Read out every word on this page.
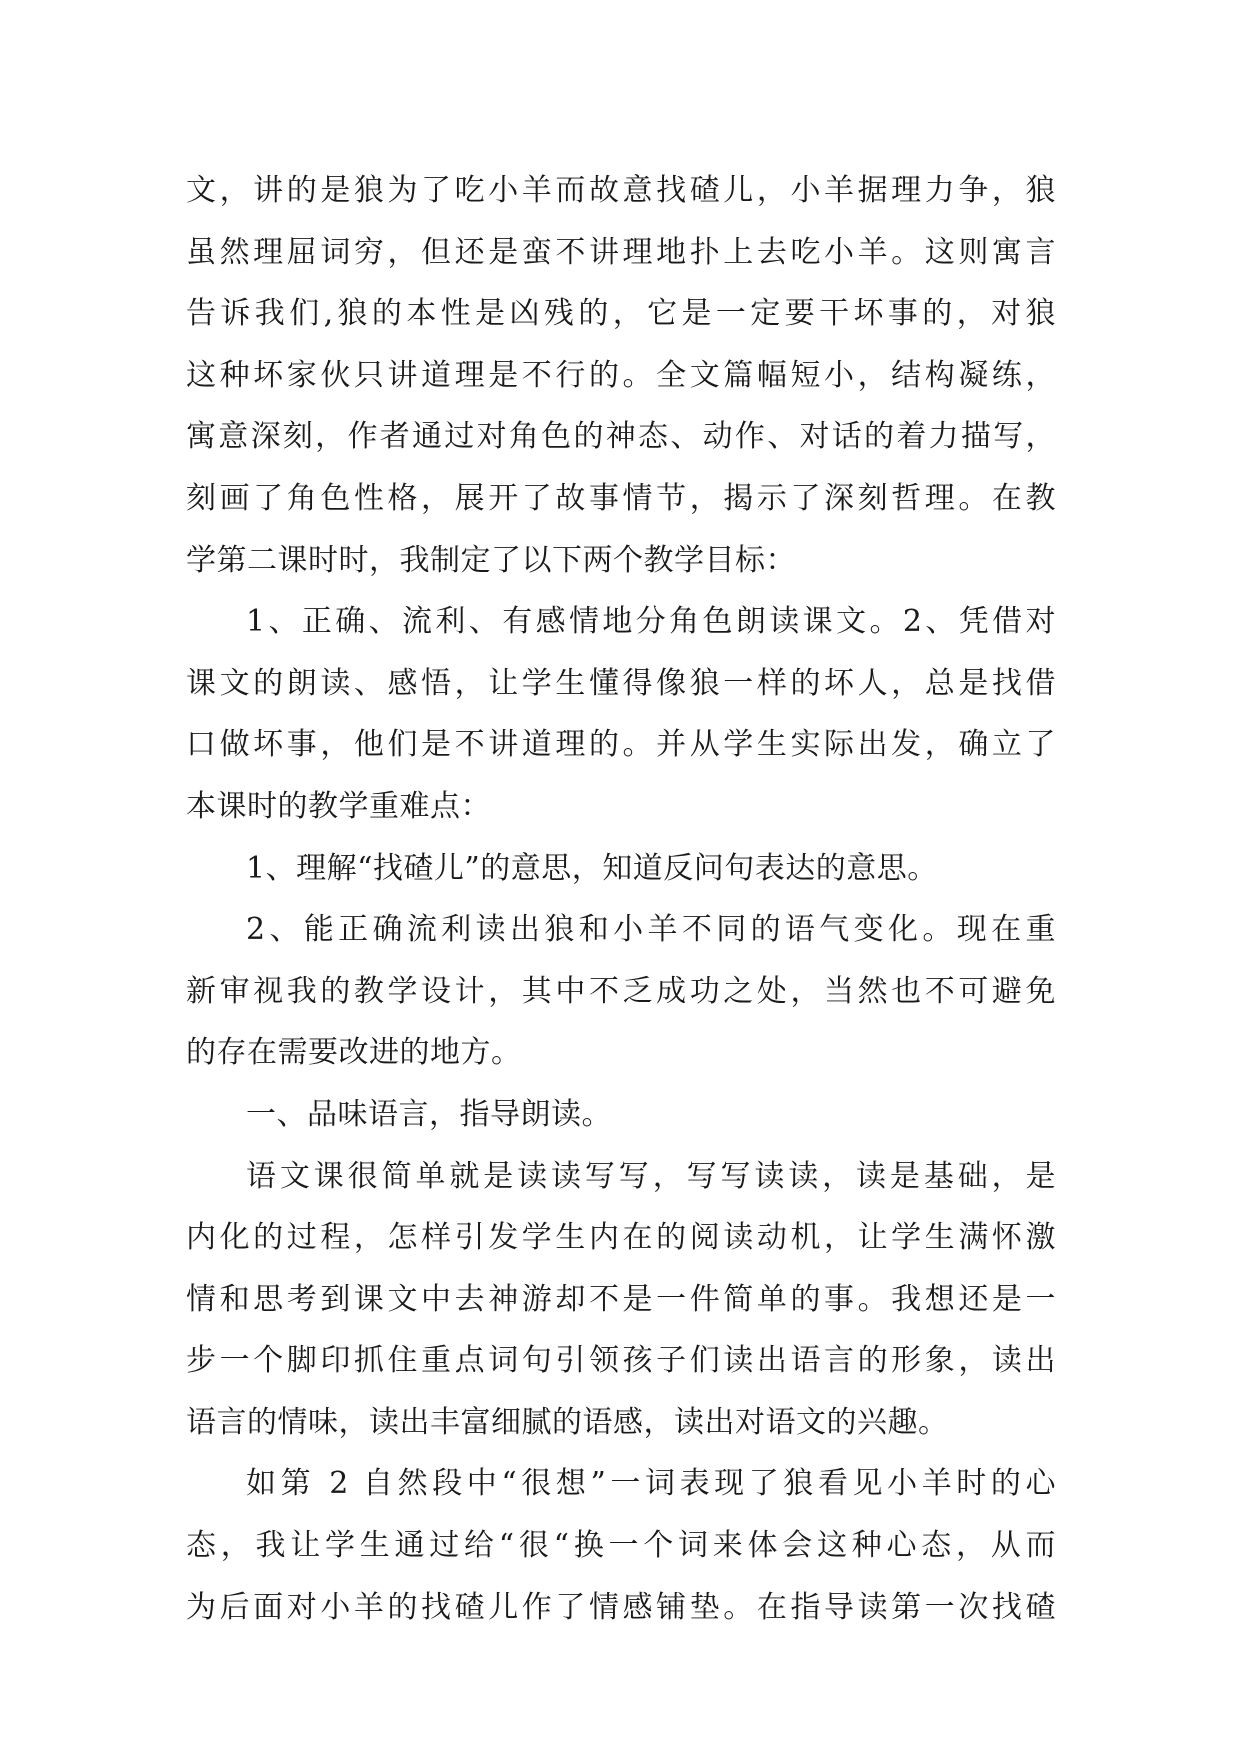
文，讲的是狼为了吃小羊而故意找碴儿，小羊据理力争，狼
虽然理屈词穷，但还是蛮不讲理地扑上去吃小羊。这则寓言
告诉我们,狼的本性是凶残的，它是一定要干坏事的，对狼
这种坏家伙只讲道理是不行的。全文篇幅短小，结构凝练，
寓意深刻，作者通过对角色的神态、动作、对话的着力描写，
刻画了角色性格，展开了故事情节，揭示了深刻哲理。在教
学第二课时时，我制定了以下两个教学目标：
1、正确、流利、有感情地分角色朗读课文。2、凭借对
课文的朗读、感悟，让学生懂得像狼一样的坏人，总是找借
口做坏事，他们是不讲道理的。并从学生实际出发，确立了
本课时的教学重难点：
1、理解“找碴儿”的意思，知道反问句表达的意思。
2、能正确流利读出狼和小羊不同的语气变化。现在重
新审视我的教学设计，其中不乏成功之处，当然也不可避免
的存在需要改进的地方。
一、品味语言，指导朗读。
语文课很简单就是读读写写，写写读读，读是基础，是
内化的过程，怎样引发学生内在的阅读动机，让学生满怀激
情和思考到课文中去神游却不是一件简单的事。我想还是一
步一个脚印抓住重点词句引领孩子们读出语言的形象，读出
语言的情味，读出丰富细腻的语感，读出对语文的兴趣。
如第 2 自然段中“很想”一词表现了狼看见小羊时的心
态，我让学生通过给“很“换一个词来体会这种心态，从而
为后面对小羊的找碴儿作了情感铺垫。在指导读第一次找碴
